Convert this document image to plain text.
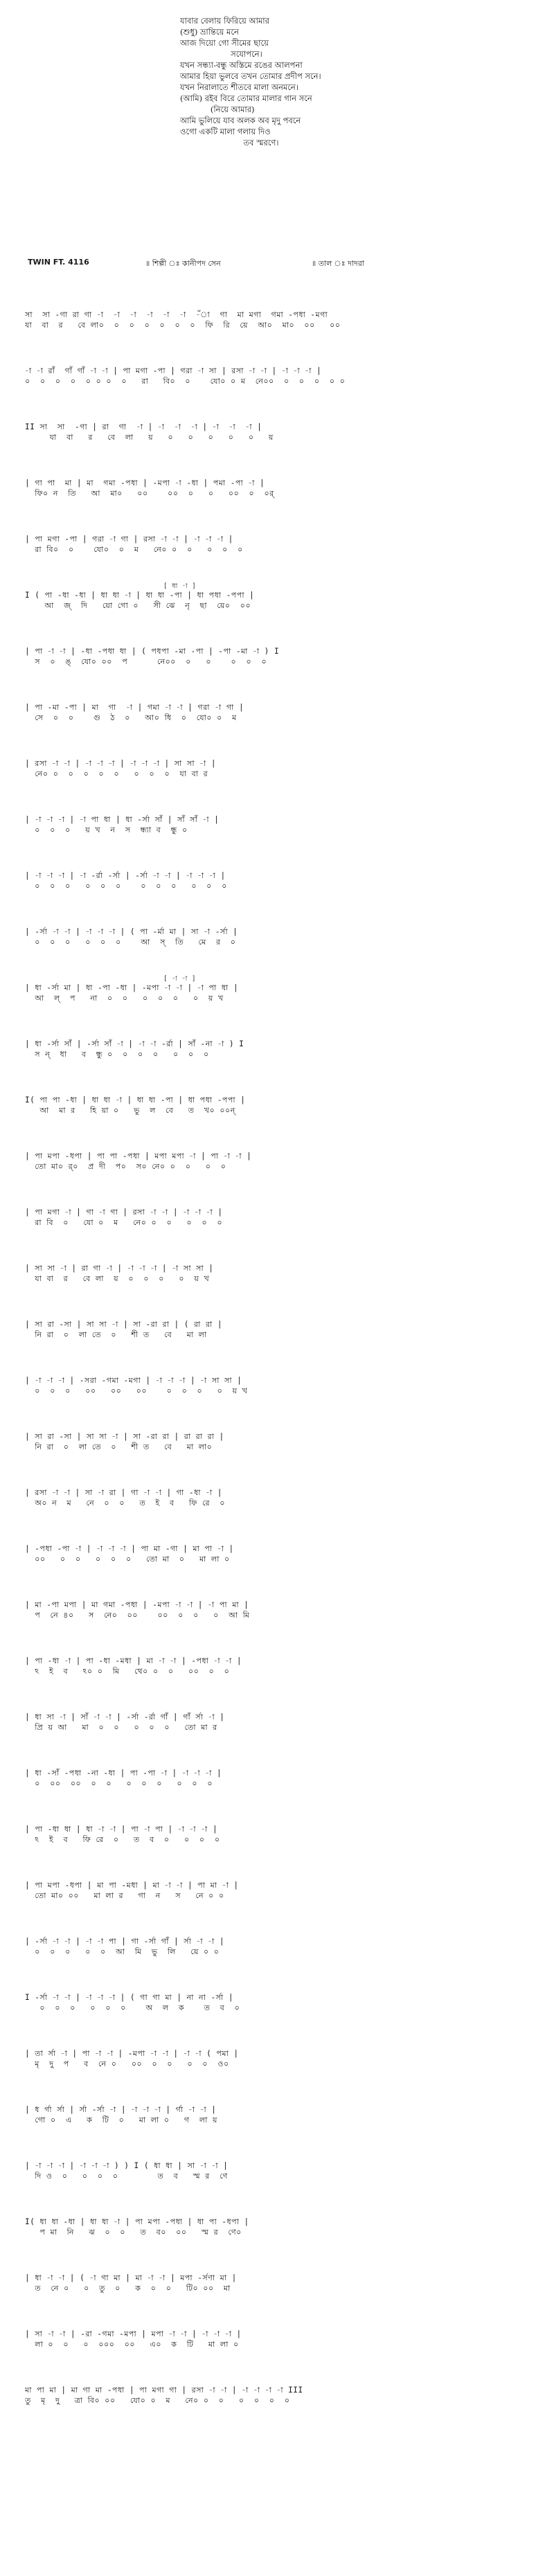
যাবার বেলায় ফিরিয়ে আমার
(শুধু) ভ্রান্তিয়ে মনে
আজ দিয়ো গো সীমের ছায়ে
সযোপনে।
যখন সন্ধ্যা-বন্ধু অস্তিমে রঙের আলপনা
আমার হিয়া ভুলবে তখন তোমার প্রদীপ সনে।
যখন নিরালাতে শীতবে মালা অনমনে।
(আমি) রইব বিরে তোমার মালার গান সনে
(নিয়ে আমার)
আমি ভুলিয়ে যাব অলক অব মৃদু পবনে
ওগো একটি মালা গলায় দিও
তব স্মরণে।
TWIN FT. 4116	॥ শিল্পী ঃ কানীপদ সেন	॥ তাল ঃ দাদরা

সা  সা -গা রা গা -া  -া  -া  -া  -া  -া  -ঁা  গা  মা মগা  গমা -পধা -মগা
যা  বা  র   বে লা০  ০  ০  ০  ০  ০  ০  ফি  রি  য়ে  আ০  মা০  ০০   ০০

-া -া রাঁ  গাঁ গাঁ -া -া | পা মগা -পা | গরা -া সা | রসা -া -া | -া -া -া |
০  ০  ০  ০  ০ ০ ০  ০   রা   বি০  ০    যো০ ০ ম  নে০০  ০  ০  ০  ০ ০

II সা  সা  -গা | রা  গা  -া | -া  -া  -া | -া  -া  -া |
যা  বা   র   বে  লা   য়   ০   ০   ০   ০   ০   য়

| গা পা  মা | মা  গমা -পধা | -মপা -া -ধা | পমা -পা -া |
ফি০ ন  তি   আ  মা০   ০০    ০০  ০   ০   ০০  ০  ০র্

| পা মগা -পা | গরা -া গা | রসা -া -া | -া -া -া |
রা বি০  ০    যো০  ০  ম   নে০ ০  ০   ০  ০  ০
[ ধা -া ]
I ( পা -ধা -ধা | ধা ধা -া | ধা ধা -পা | ধা পধা -পপা |
আ  জ্  দি   য়ো গো ০   সী ঝে  নৃ  ছা  য়ে০  ০০

| পা -া -া | -ধা -পধা ধা | ( পধপা -মা -পা | -পা -মা -া ) I
স  ০  ঙ্  যো০ ০০  প      নে০০  ০   ০    ০  ০  ০

| পা -মা -পা | মা  গা  -া | গমা -া -া | গরা -া গা |
সে  ০  ০    গু  ঠ  ০   আ০ ধি  ০  যো০ ০  ম

| রসা -া -া | -া -া -া | -া -া -া | সা সা -া |
নে০ ০  ০  ০  ০  ০   ০  ০  ০  যা বা র

| -া -া -া | -া পা ধা | ধা -র্সা সাঁ | সাঁ সাঁ -া |
০  ০  ০   য় খ  ন  স  ন্ধ্যা ব  ন্ধু ০

| -া -া -া | -া -র্রা -র্সা | -র্সা -া -া | -া -া -া |
০  ০  ০   ০  ০  ০    ০  ০  ০   ০  ০  ০

| -র্সা -া -া | -া -া -া | ( পা -র্মা মা | সা -া -র্সা |
০  ০  ০   ০  ০  ০    আ  স্  তি   মে  র  ০
[ -া -া ]
| ধা -র্সা মা | ধা -পা -ধা | -মপা -া -া | -া পা ধা |
আ  ল্  প   না  ০  ০   ০  ০  ০   ০  য় খ

| ধা -র্সা সাঁ | -র্সা সাঁ -া | -া -া -র্রা | সাঁ -না -া ) I
স ন্  ধা   ব  ন্ধু ০  ০  ০  ০   ০  ০  ০

I( পা পা -ধা | ধা ধা -া | ধা ধা -পা | ধা পধা -পপা |
আ  মা র   হি য়া ০   ভু  ল  বে   ত  খ০ ০০ন্

| পা মপা -ধপা | পা পা -পধা | মপা মপা -া | পা -া -া |
তো মা০ র্০  প্র দী  প০  স০ নে০ ০  ০   ০  ০

| পা মগা -া | গা -া গা | রসা -া -া | -া -া -া |
রা বি  ০   যো ০  ম   নে০ ০  ০   ০  ০  ০

| সা সা -া | রা গা -া | -া -া -া | -া সা সা |
যা বা  র   বে লা  য়  ০  ০  ০   ০  য় খ

| সা রা -সা | সা সা -া | সা -রা রা | ( রা রা |
নি রা  ০  লা তে  ০   শী ত   বে   মা লা

| -া -া -া | -সরা -গমা -মগা | -া -া -া | -া সা সা |
০  ০  ০   ০০   ০০   ০০    ০  ০  ০   ০  য় খ

| সা রা -সা | সা সা -া | সা -রা রা | রা রা রা |
নি রা  ০  লা তে  ০   শী ত   বে   মা লা০

| রসা -া -া | সা -া রা | গা -া -া | গা -ধা -া |
অ০ ন  ম   নে  ০  ০   ত  ই  ব   ফি রে  ০

| -পধা -পা -া | -া -া -া | পা মা -গা | মা পা -া |
০০   ০  ০   ০  ০  ০   তো মা  ০   মা লা ০

| মা -পা মপা | মা গমা -পধা | -মপা -া -া | -া পা মা |
প  নে ৪০   স  নে০  ০০    ০০  ০  ০   ০  আ মি

| পা -ধা -া | পা -ধা -মধা | মা -া -া | -পধা -া -া |
ঽ  ই  ব   ঽ০ ০  মি   থে০ ০  ০   ০০  ০  ০

| ধা সা -া | সাঁ -া -া | -র্সা -র্রা গাঁ | গাঁ র্সা -া |
প্রি য় আ   মা  ০  ০   ০  ০  ০   তো মা র

| ধা -সাঁ -পধা -না -ধা | পা -পা -া | -া -া -া |
০  ০০  ০০  ০  ০   ০  ০  ০   ০  ০  ০

| পা -ধা ধা | ধা -া -া | পা -া পা | -া -া -া |
ঽ  ই  ব   ফি রে  ০   ত  ব  ০   ০  ০  ০

| পা মপা -ধপা | মা পা -মধা | মা -া -া | পা মা -া |
তো মা০ ০০   মা লা র   গা  ন   স   নে ০ ০

| -র্সা -া -া | -া -া পা | গা -র্সা গাঁ | র্সা -া -া |
০  ০  ০   ০  ০  আ  মি  ভু  লি   য়ে ০ ০

I -র্সা -া -া | -া -া -া | ( গা গা মা | না না -র্সা |
০  ০  ০   ০  ০  ০    অ  ল  ক    ত  ব  ০

| তা র্সা -া | পা -া -া | -মপা -া -া | -া -া ( পমা |
মৃ  দু  প   ব  নে ০   ০০  ০  ০   ০  ০  ও০

| ধ র্গা র্সা | র্সা -র্সা -া | -া -া -া | র্গা -া -া |
গো ০  এ   ক  টি  ০   মা লা ০   গ  লা য়

| -া -া -া | -া -া -া ) ) I ( ধা ধা | সা -া -া |
দি ও  ০   ০  ০  ০        ত  ব   স্ম র  ণে

I( ধা ধা -ধা | ধা ধা -া | পা মপা -পধা | ধা পা -ধপা |
প মা  নি   ঝ  ০  ০   ত  ব০  ০০   স্ম র  ণে০

| ধা -া -া | ( -া গা মা | মা -া -া | মপা -র্সণা মা |
ত  নে ০   ০  তু  ০   ক  ০  ০   টি০ ০০  মা

| সা -া -া | -রা -গমা -মপা | মপা -া -া | -া -া -া |
লা ০  ০   ০  ০০০  ০০   এ০  ক  টি   মা লা ০

মা পা মা | মা গা মা -পধা | পা মগা গা | রসা -া -া | -া -া -া -া III
তু  মৃ  দু   ত্রা বি০ ০০   যো০ ০  ম   নে০ ০  ০   ০  ০  ০  ০
